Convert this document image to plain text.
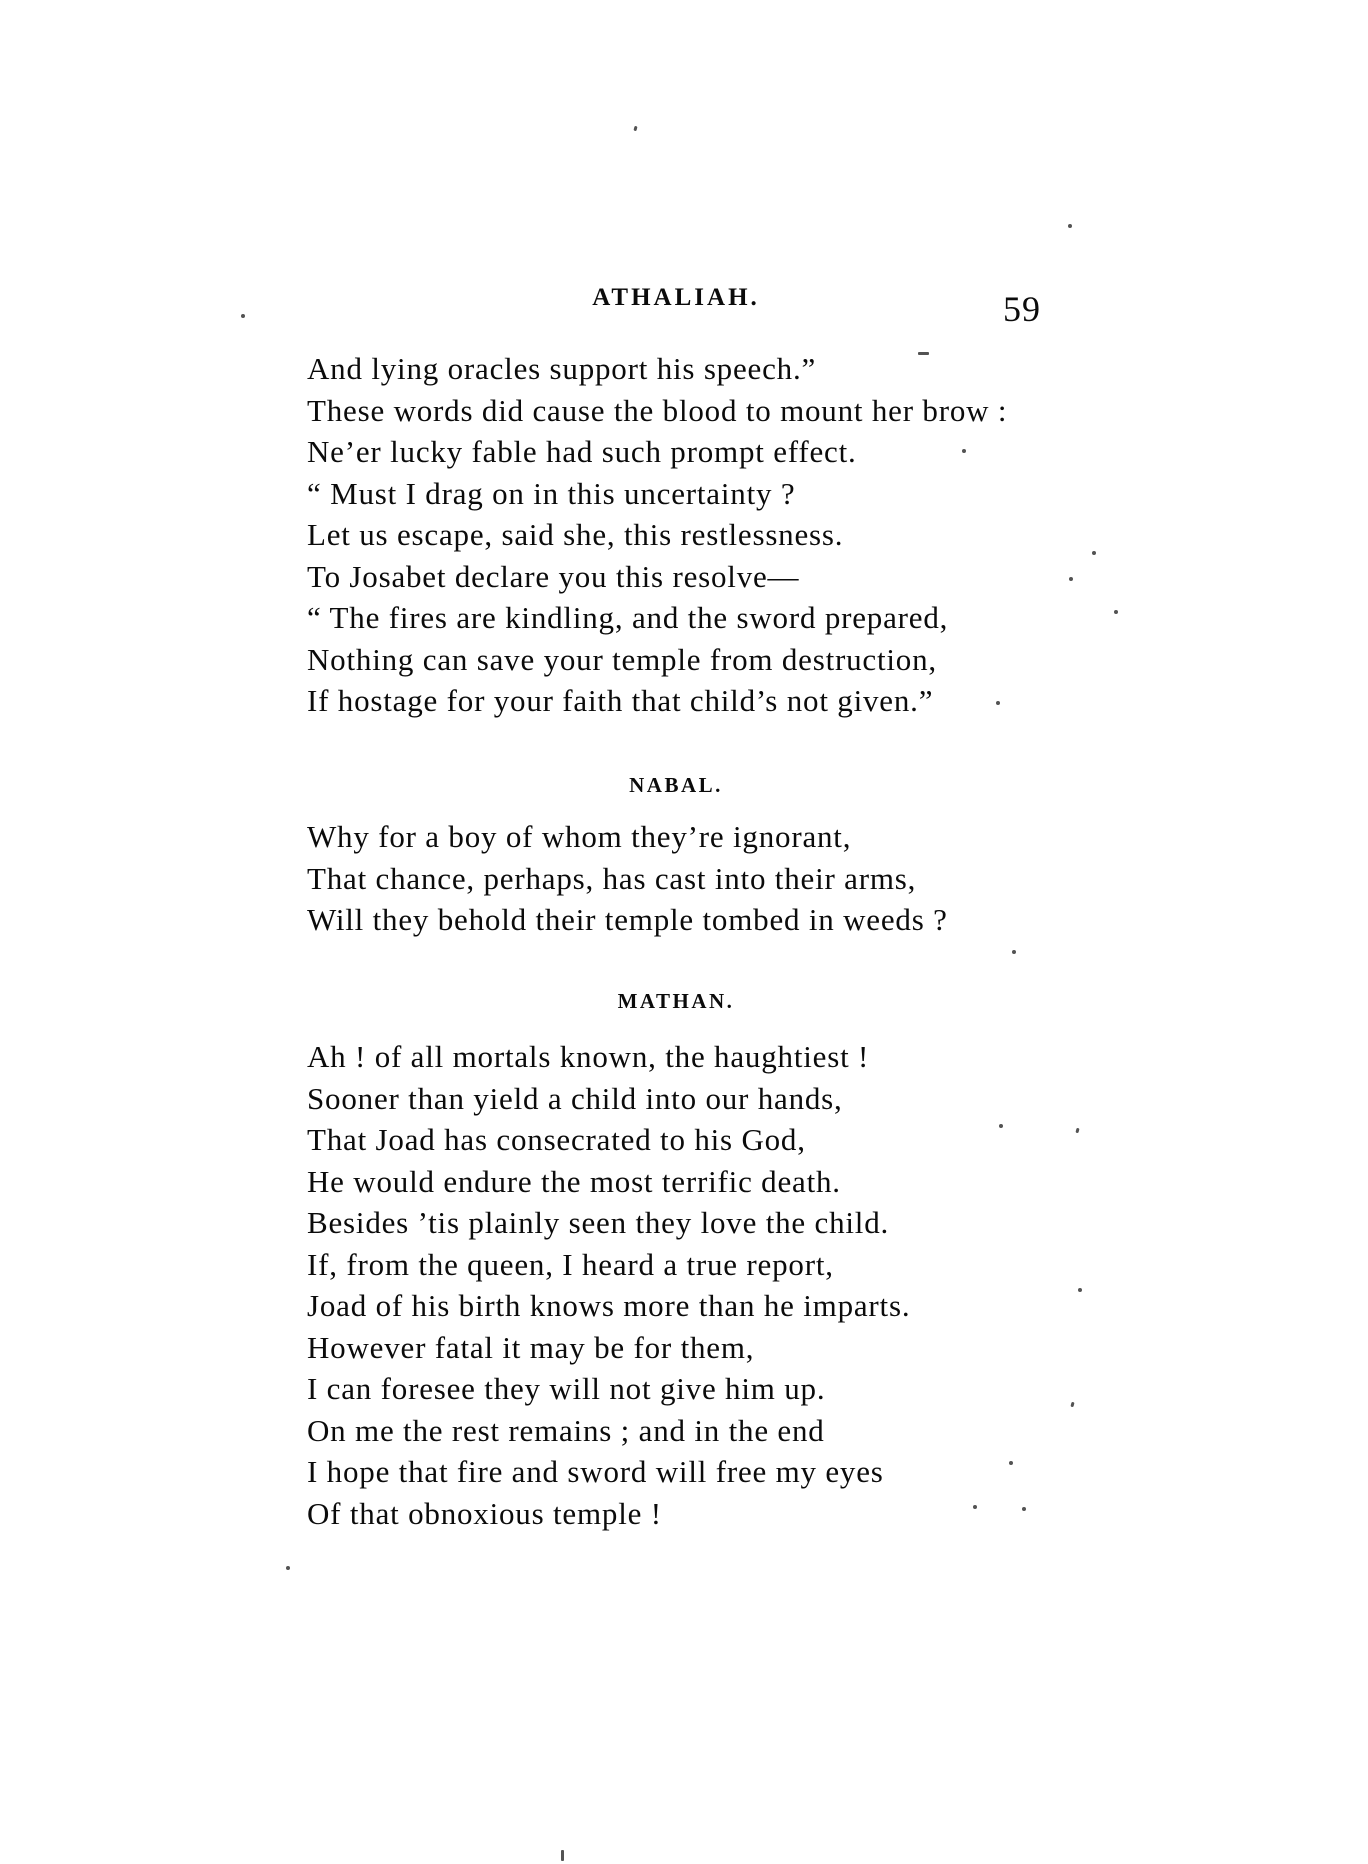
ATHALIAH.	59
And lying oracles support his speech.”
These words did cause the blood to mount her brow :
Ne’er lucky fable had such prompt effect.
“ Must I drag on in this uncertainty ?
Let us escape, said she, this restlessness.
To Josabet declare you this resolve—
“ The fires are kindling, and the sword prepared,
Nothing can save your temple from destruction,
If hostage for your faith that child’s not given.”
NABAL.
Why for a boy of whom they’re ignorant,
That chance, perhaps, has cast into their arms,
Will they behold their temple tombed in weeds ?
MATHAN.
Ah ! of all mortals known, the haughtiest !
Sooner than yield a child into our hands,
That Joad has consecrated to his God,
He would endure the most terrific death.
Besides ’tis plainly seen they love the child.
If, from the queen, I heard a true report,
Joad of his birth knows more than he imparts.
However fatal it may be for them,
I can foresee they will not give him up.
On me the rest remains ; and in the end
I hope that fire and sword will free my eyes
Of that obnoxious temple !
